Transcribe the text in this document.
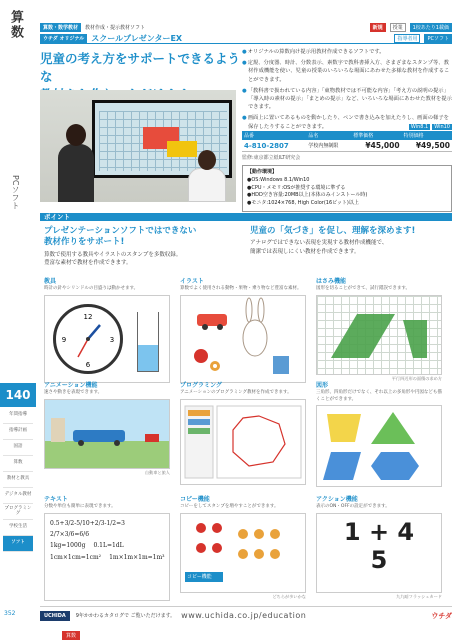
算数
PCソフト
140
年間指導
指導計画
国語
算数
教材と教具
デジタル教材
プログラミング
学校生活
ソフト
352
算数・数学教材	教材作成・提示教材ソフト	新規	授業	1校あたり1載価
ウチダ オリジナル スクールプレゼンターEX	指導者用	PCソフト
児童の考え方をサポートできるような
● オリジナルの算数向け提示用教材作成できるソフトです。
● 定規、分度器、時計、分数表示、素数字で教科書挿入方、さまざまなスタンプ等、教材作成機能を使い、児童の授業のいろいろな場面にあわせた多様な教材を作成することができます。
● 「教科書で扱われている内容」「東物教材では不可能な内容」「考え方の説明の提示」「導入時の素材の提示」「まとめの提示」など、いろいろな場面にあわせた教材を提示できます。
● 画面上に置いてあるものを動かしたり、ペンで書き込みを加えたりし、画面の様子を保存したりすることができます。	Win8.1	Win10
品番	品名	標準価格	特別価格
4-810-2807	学校内無制限	¥45,000	¥49,500
監修:東京都立紙ILT研究会
【動作環境】
●OS:Windows 8.1/Win10
●CPU・メモリ:OSが推奨する環境に準ずる
●HDD空き容量:20MB以上(本体のみインストール時)
●モニタ:1024×768, High Color(16ビット)以上
ポイント
プレゼンテーションソフトではできない
教材作りをサポート!
算数で使用する教具やイラストのスタンプを多数収録。
豊富な素材で教材を作成できます。
児童の「気づき」を促し、理解を深めます!
アナログではできない表現を実現する教材作成機能で、
簡潔では表現しにくい教材を作成できます。
教具
時計の針やシリンドルの目盛りは動かせます。
12
3
6
9
イラスト
算数でよく使用される動物・果物・乗り物など豊富な素材。
はさみ機能
図形を切ることができて、試行錯誤できます。
平行四辺形の面積の求め方
アニメーション機能
速さや動きを表現できます。
自動車と旅人
プログラミング
アニメーションのプログラミング教材を作成できます。
図形
三角形、四角形だけでなく、それ以上の多角形や円図なども描くことができます。
テキスト
分数や単位も簡単に表現できます。
0.5+3/2-5/10+2/3-1/2=3
2/7×3/6=6/6
1kg=1000g 0.1L=1dL
1cm×1cm=1cm² 1m×1m×1m=1m³
コピー機能
コピーをしてスタンプを増やすことができます。
コピー機能
どちらが多いかな
アクション機能
表示のON・OFFの設定ができます。
1 + 4
5
九九暗フラッシュカード
UCHIDA	9年かかわるカタログで ご覧いただけます。 www.uchida.co.jp/education	ウチダ
算数
